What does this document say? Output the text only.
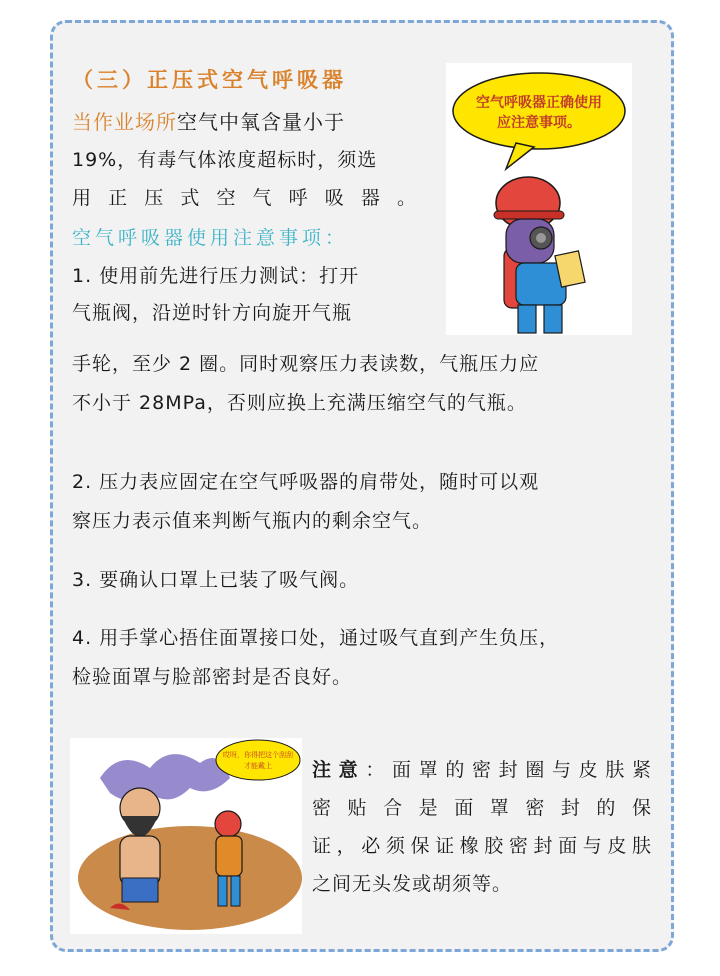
（三）正压式空气呼吸器
当作业场所空气中氧含量小于
19%，有毒气体浓度超标时，须选
用正压式空气呼吸器。
空气呼吸器使用注意事项：
1. 使用前先进行压力测试：打开
气瓶阀，沿逆时针方向旋开气瓶
手轮，至少 2 圈。同时观察压力表读数，气瓶压力应
不小于 28MPa，否则应换上充满压缩空气的气瓶。
2. 压力表应固定在空气呼吸器的肩带处，随时可以观
察压力表示值来判断气瓶内的剩余空气。
3. 要确认口罩上已装了吸气阀。
4. 用手掌心捂住面罩接口处，通过吸气直到产生负压，
检验面罩与脸部密封是否良好。
空气呼吸器正确使用
应注意事项。
哎呀，你得把这个刮刮
才能戴上 注意：面罩的密封圈与皮肤紧
密贴合是面罩密封的保
证，必须保证橡胶密封面与皮肤
之间无头发或胡须等。
